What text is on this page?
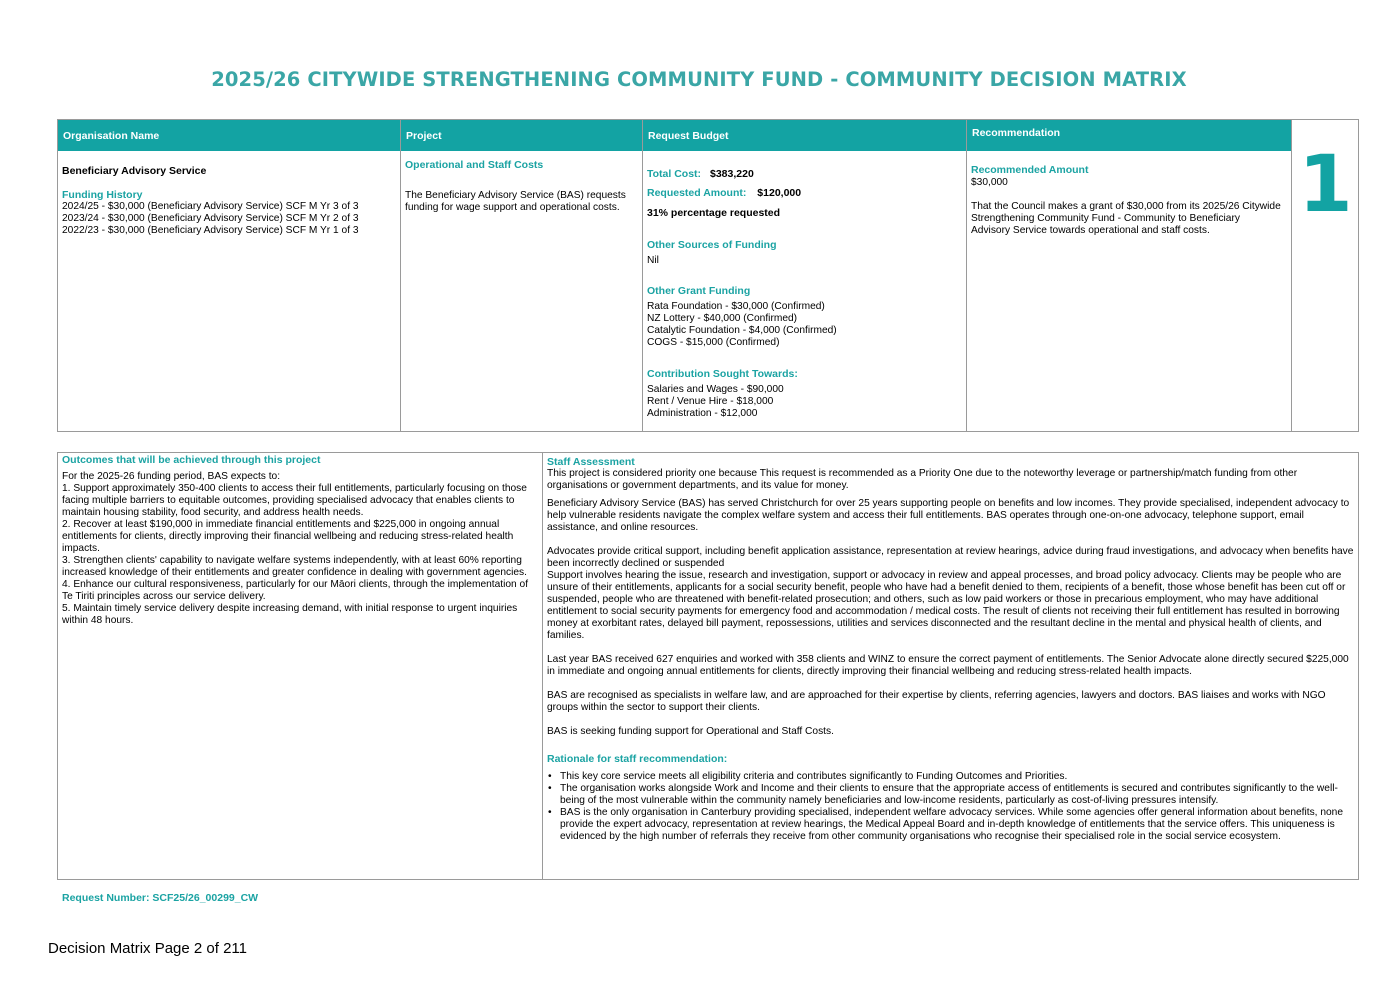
2025/26 CITYWIDE STRENGTHENING COMMUNITY FUND - COMMUNITY DECISION MATRIX
Organisation Name
Beneficiary Advisory Service
Funding History
2024/25 - $30,000 (Beneficiary Advisory Service) SCF M Yr 3 of 3
2023/24 - $30,000 (Beneficiary Advisory Service) SCF M Yr 2 of 3
2022/23 - $30,000 (Beneficiary Advisory Service) SCF M Yr 1 of 3
Project
Operational and Staff Costs
The Beneficiary Advisory Service (BAS) requests funding for wage support and operational costs.
Request Budget
Total Cost: $383,220
Requested Amount: $120,000
31% percentage requested
Other Sources of Funding
Nil
Other Grant Funding
Rata Foundation - $30,000 (Confirmed)
NZ Lottery - $40,000 (Confirmed)
Catalytic Foundation - $4,000 (Confirmed)
COGS - $15,000 (Confirmed)
Contribution Sought Towards:
Salaries and Wages - $90,000
Rent / Venue Hire - $18,000
Administration - $12,000
Recommendation
Recommended Amount
$30,000
That the Council makes a grant of $30,000 from its 2025/26 Citywide Strengthening Community Fund - Community to Beneficiary Advisory Service towards operational and staff costs.
1
Outcomes that will be achieved through this project
For the 2025-26 funding period, BAS expects to:
1. Support approximately 350-400 clients to access their full entitlements, particularly focusing on those facing multiple barriers to equitable outcomes, providing specialised advocacy that enables clients to maintain housing stability, food security, and address health needs.
2. Recover at least $190,000 in immediate financial entitlements and $225,000 in ongoing annual entitlements for clients, directly improving their financial wellbeing and reducing stress-related health impacts.
3. Strengthen clients' capability to navigate welfare systems independently, with at least 60% reporting increased knowledge of their entitlements and greater confidence in dealing with government agencies.
4. Enhance our cultural responsiveness, particularly for our Māori clients, through the implementation of Te Tiriti principles across our service delivery.
5. Maintain timely service delivery despite increasing demand, with initial response to urgent inquiries within 48 hours.
Staff Assessment
This project is considered priority one because This request is recommended as a Priority One due to the noteworthy leverage or partnership/match funding from other organisations or government departments, and its value for money.
Beneficiary Advisory Service (BAS) has served Christchurch for over 25 years supporting people on benefits and low incomes. They provide specialised, independent advocacy to help vulnerable residents navigate the complex welfare system and access their full entitlements. BAS operates through one-on-one advocacy, telephone support, email assistance, and online resources.
Advocates provide critical support, including benefit application assistance, representation at review hearings, advice during fraud investigations, and advocacy when benefits have been incorrectly declined or suspended
Support involves hearing the issue, research and investigation, support or advocacy in review and appeal processes, and broad policy advocacy. Clients may be people who are unsure of their entitlements, applicants for a social security benefit, people who have had a benefit denied to them, recipients of a benefit, those whose benefit has been cut off or suspended, people who are threatened with benefit-related prosecution; and others, such as low paid workers or those in precarious employment, who may have additional entitlement to social security payments for emergency food and accommodation / medical costs. The result of clients not receiving their full entitlement has resulted in borrowing money at exorbitant rates, delayed bill payment, repossessions, utilities and services disconnected and the resultant decline in the mental and physical health of clients, and families.
Last year BAS received 627 enquiries and worked with 358 clients and WINZ to ensure the correct payment of entitlements. The Senior Advocate alone directly secured $225,000 in immediate and ongoing annual entitlements for clients, directly improving their financial wellbeing and reducing stress-related health impacts.
BAS are recognised as specialists in welfare law, and are approached for their expertise by clients, referring agencies, lawyers and doctors. BAS liaises and works with NGO groups within the sector to support their clients.
BAS is seeking funding support for Operational and Staff Costs.
Rationale for staff recommendation:
• This key core service meets all eligibility criteria and contributes significantly to Funding Outcomes and Priorities.
• The organisation works alongside Work and Income and their clients to ensure that the appropriate access of entitlements is secured and contributes significantly to the well-being of the most vulnerable within the community namely beneficiaries and low-income residents, particularly as cost-of-living pressures intensify.
• BAS is the only organisation in Canterbury providing specialised, independent welfare advocacy services. While some agencies offer general information about benefits, none provide the expert advocacy, representation at review hearings, the Medical Appeal Board and in-depth knowledge of entitlements that the service offers. This uniqueness is evidenced by the high number of referrals they receive from other community organisations who recognise their specialised role in the social service ecosystem.
Request Number: SCF25/26_00299_CW
Decision Matrix Page 2 of 211
